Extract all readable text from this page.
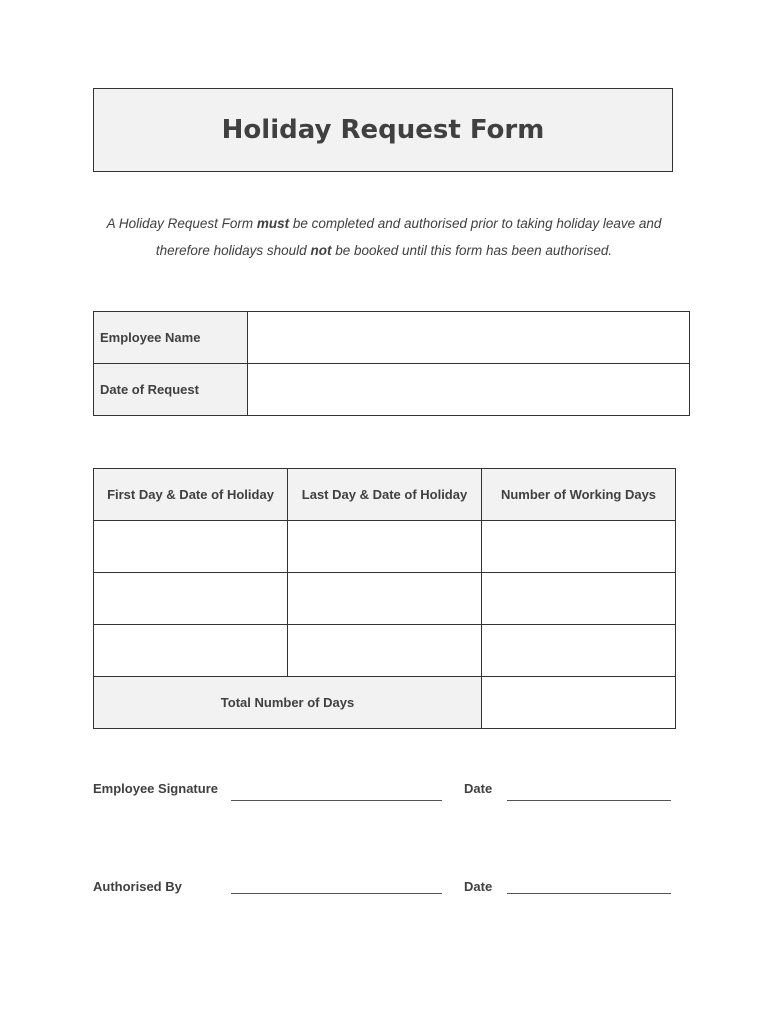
Holiday Request Form
A Holiday Request Form must be completed and authorised prior to taking holiday leave and therefore holidays should not be booked until this form has been authorised.
Employee Name	
Date of Request	
First Day & Date of Holiday	Last Day & Date of Holiday	Number of Working Days

Total Number of Days		
Employee Signature	Date
Authorised By	Date
